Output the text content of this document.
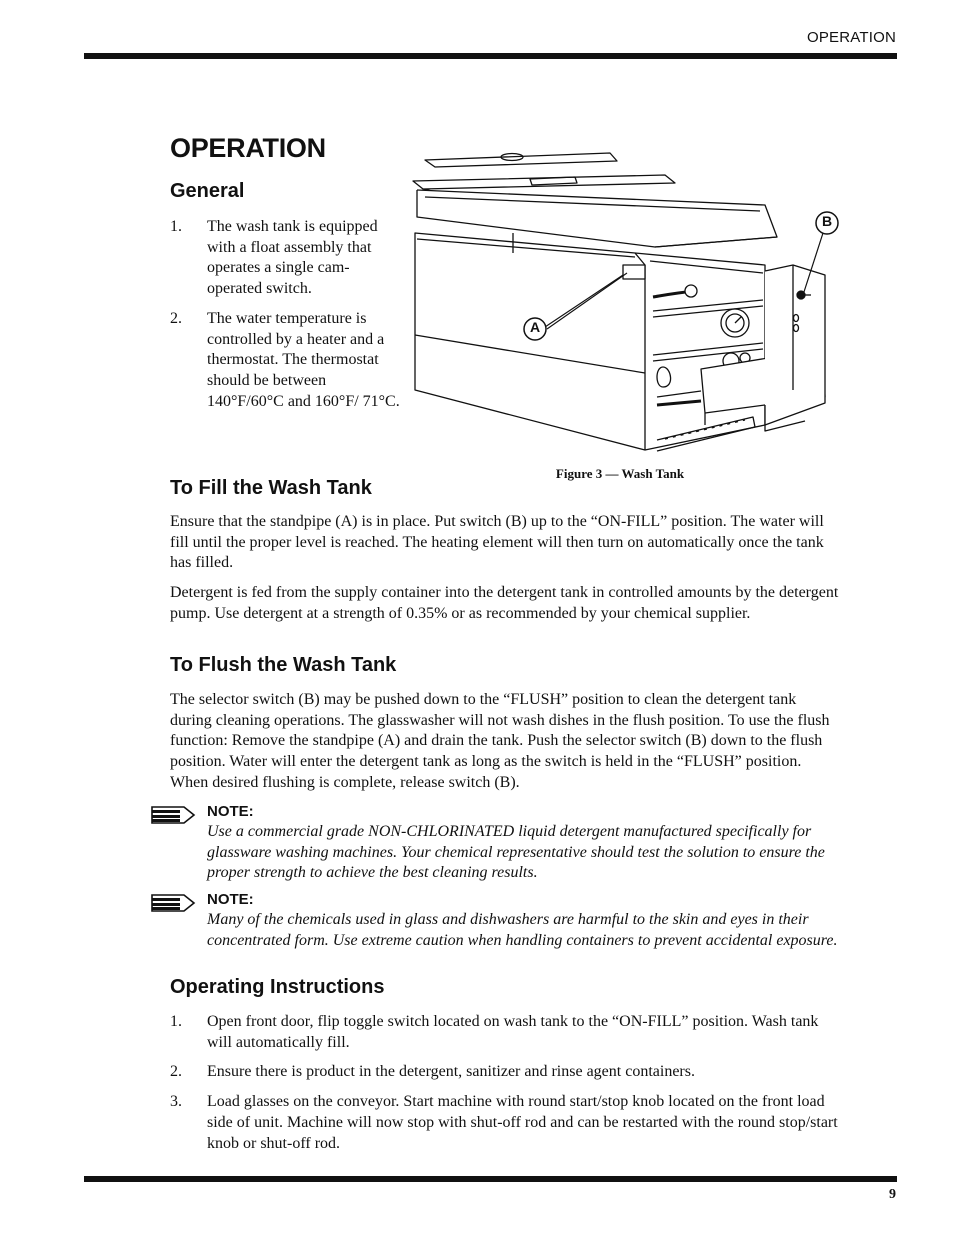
OPERATION
OPERATION
General
1. The wash tank is equipped with a float assembly that operates a single cam-operated switch.
2. The water temperature is controlled by a heater and a thermostat. The thermostat should be between 140°F/60°C and 160°F/ 71°C.
A
B
Figure 3 — Wash Tank
To Fill the Wash Tank

Ensure that the standpipe (A) is in place. Put switch (B) up to the “ON-FILL” position. The water will fill until the proper level is reached. The heating element will then turn on automatically once the tank has filled.

Detergent is fed from the supply container into the detergent tank in controlled amounts by the detergent pump. Use detergent at a strength of 0.35% or as recommended by your chemical supplier.

To Flush the Wash Tank

The selector switch (B) may be pushed down to the “FLUSH” position to clean the detergent tank during cleaning operations. The glasswasher will not wash dishes in the flush position. To use the flush function: Remove the standpipe (A) and drain the tank. Push the selector switch (B) down to the flush position. Water will enter the detergent tank as long as the switch is held in the “FLUSH” position. When desired flushing is complete, release switch (B).

NOTE:

Use a commercial grade NON-CHLORINATED liquid detergent manufactured specifically for glassware washing machines. Your chemical representative should test the solution to ensure the proper strength to achieve the best cleaning results.

NOTE:

Many of the chemicals used in glass and dishwashers are harmful to the skin and eyes in their concentrated form. Use extreme caution when handling containers to prevent accidental exposure.

Operating Instructions
1. Open front door, flip toggle switch located on wash tank to the “ON-FILL” position. Wash tank will automatically fill.
2. Ensure there is product in the detergent, sanitizer and rinse agent containers.
3. Load glasses on the conveyor. Start machine with round start/stop knob located on the front load side of unit. Machine will now stop with shut-off rod and can be restarted with the round stop/start knob or shut-off rod.
9
